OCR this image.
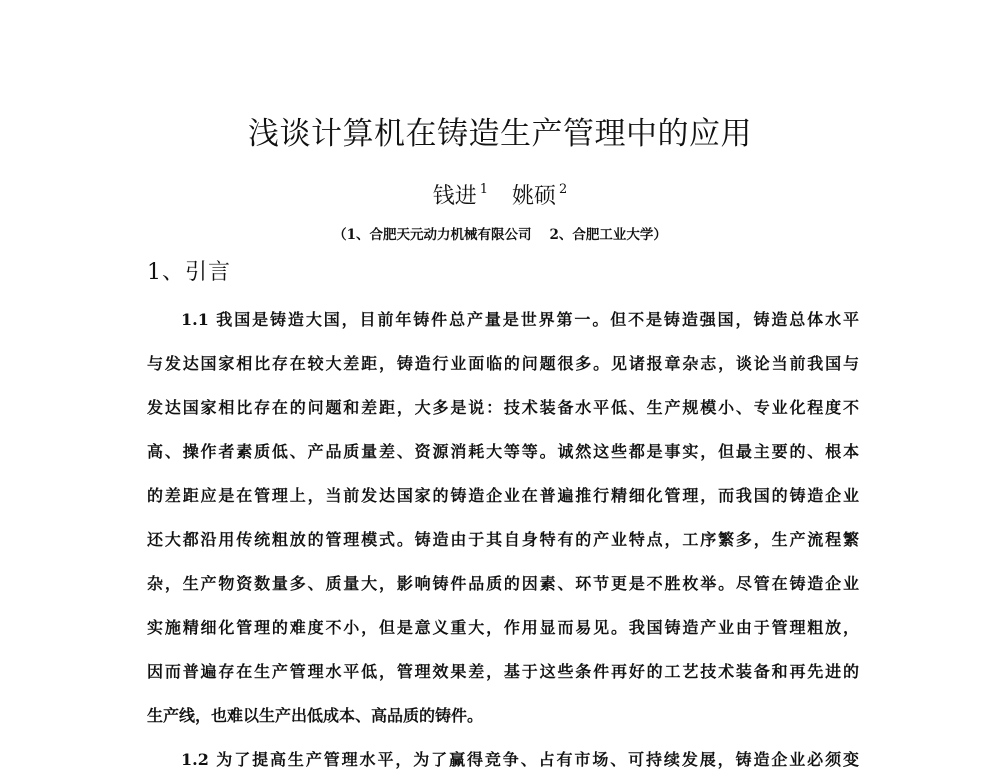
浅谈计算机在铸造生产管理中的应用
钱进 $^1$ 姚硕 $^2$
（1、合肥天元动力机械有限公司 2、合肥工业大学）
1、引言
1.1 我国是铸造大国，目前年铸件总产量是世界第一。但不是铸造强国，铸造总体水平
与发达国家相比存在较大差距，铸造行业面临的问题很多。见诸报章杂志，谈论当前我国与
发达国家相比存在的问题和差距，大多是说：技术装备水平低、生产规模小、专业化程度不
高、操作者素质低、产品质量差、资源消耗大等等。诚然这些都是事实，但最主要的、根本
的差距应是在管理上，当前发达国家的铸造企业在普遍推行精细化管理，而我国的铸造企业
还大都沿用传统粗放的管理模式。铸造由于其自身特有的产业特点，工序繁多，生产流程繁
杂，生产物资数量多、质量大，影响铸件品质的因素、环节更是不胜枚举。尽管在铸造企业
实施精细化管理的难度不小，但是意义重大，作用显而易见。我国铸造产业由于管理粗放，
因而普遍存在生产管理水平低，管理效果差，基于这些条件再好的工艺技术装备和再先进的
生产线，也难以生产出低成本、高品质的铸件。
1.2 为了提高生产管理水平，为了赢得竞争、占有市场、可持续发展，铸造企业必须变
